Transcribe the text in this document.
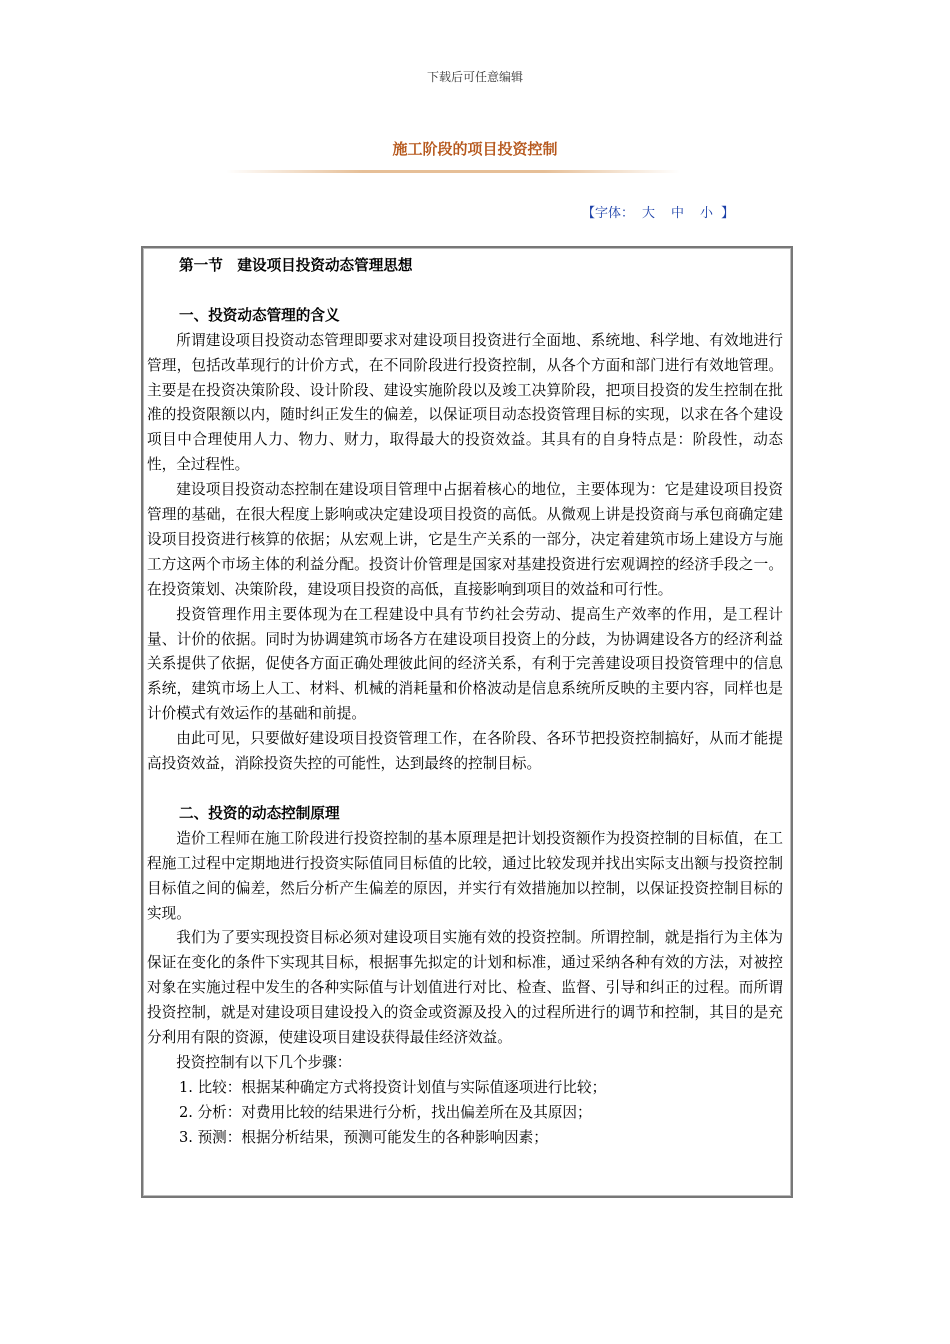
下载后可任意编辑
施工阶段的项目投资控制
【字体： 大 中 小 】
第一节　建设项目投资动态管理思想
一、投资动态管理的含义

所谓建设项目投资动态管理即要求对建设项目投资进行全面地、系统地、科学地、有效地进行管理，包括改革现行的计价方式，在不同阶段进行投资控制，从各个方面和部门进行有效地管理。主要是在投资决策阶段、设计阶段、建设实施阶段以及竣工决算阶段，把项目投资的发生控制在批准的投资限额以内，随时纠正发生的偏差，以保证项目动态投资管理目标的实现，以求在各个建设项目中合理使用人力、物力、财力，取得最大的投资效益。其具有的自身特点是：阶段性，动态性，全过程性。

建设项目投资动态控制在建设项目管理中占据着核心的地位，主要体现为：它是建设项目投资管理的基础，在很大程度上影响或决定建设项目投资的高低。从微观上讲是投资商与承包商确定建设项目投资进行核算的依据；从宏观上讲，它是生产关系的一部分，决定着建筑市场上建设方与施工方这两个市场主体的利益分配。投资计价管理是国家对基建投资进行宏观调控的经济手段之一。在投资策划、决策阶段，建设项目投资的高低，直接影响到项目的效益和可行性。

投资管理作用主要体现为在工程建设中具有节约社会劳动、提高生产效率的作用，是工程计量、计价的依据。同时为协调建筑市场各方在建设项目投资上的分歧，为协调建设各方的经济利益关系提供了依据，促使各方面正确处理彼此间的经济关系，有利于完善建设项目投资管理中的信息系统，建筑市场上人工、材料、机械的消耗量和价格波动是信息系统所反映的主要内容，同样也是计价模式有效运作的基础和前提。

由此可见，只要做好建设项目投资管理工作，在各阶段、各环节把投资控制搞好，从而才能提高投资效益，消除投资失控的可能性，达到最终的控制目标。

二、投资的动态控制原理

造价工程师在施工阶段进行投资控制的基本原理是把计划投资额作为投资控制的目标值，在工程施工过程中定期地进行投资实际值同目标值的比较，通过比较发现并找出实际支出额与投资控制目标值之间的偏差，然后分析产生偏差的原因，并实行有效措施加以控制，以保证投资控制目标的实现。

我们为了要实现投资目标必须对建设项目实施有效的投资控制。所谓控制，就是指行为主体为保证在变化的条件下实现其目标，根据事先拟定的计划和标准，通过采纳各种有效的方法，对被控对象在实施过程中发生的各种实际值与计划值进行对比、检查、监督、引导和纠正的过程。而所谓投资控制，就是对建设项目建设投入的资金或资源及投入的过程所进行的调节和控制，其目的是充分利用有限的资源，使建设项目建设获得最佳经济效益。

投资控制有以下几个步骤：

1. 比较：根据某种确定方式将投资计划值与实际值逐项进行比较；
2. 分析：对费用比较的结果进行分析，找出偏差所在及其原因；
3. 预测：根据分析结果，预测可能发生的各种影响因素；
